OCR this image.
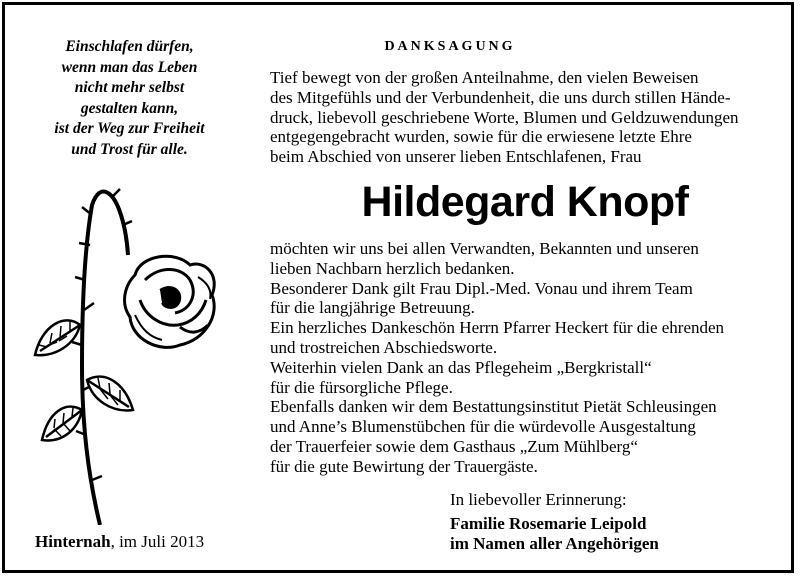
Einschlafen dürfen,
wenn man das Leben
nicht mehr selbst
gestalten kann,
ist der Weg zur Freiheit
und Trost für alle.
DANKSAGUNG
Tief bewegt von der großen Anteilnahme, den vielen Beweisen
des Mitgefühls und der Verbundenheit, die uns durch stillen Hände-
druck, liebevoll geschriebene Worte, Blumen und Geldzuwendungen
entgegengebracht wurden, sowie für die erwiesene letzte Ehre
beim Abschied von unserer lieben Entschlafenen, Frau
Hildegard Knopf
möchten wir uns bei allen Verwandten, Bekannten und unseren
lieben Nachbarn herzlich bedanken.
Besonderer Dank gilt Frau Dipl.-Med. Vonau und ihrem Team
für die langjährige Betreuung.
Ein herzliches Dankeschön Herrn Pfarrer Heckert für die ehrenden
und trostreichen Abschiedsworte.
Weiterhin vielen Dank an das Pflegeheim „Bergkristall“
für die fürsorgliche Pflege.
Ebenfalls danken wir dem Bestattungsinstitut Pietät Schleusingen
und Anne’s Blumenstübchen für die würdevolle Ausgestaltung
der Trauerfeier sowie dem Gasthaus „Zum Mühlberg“
für die gute Bewirtung der Trauergäste.
In liebevoller Erinnerung:
Familie Rosemarie Leipold
im Namen aller Angehörigen
Hinternah, im Juli 2013
